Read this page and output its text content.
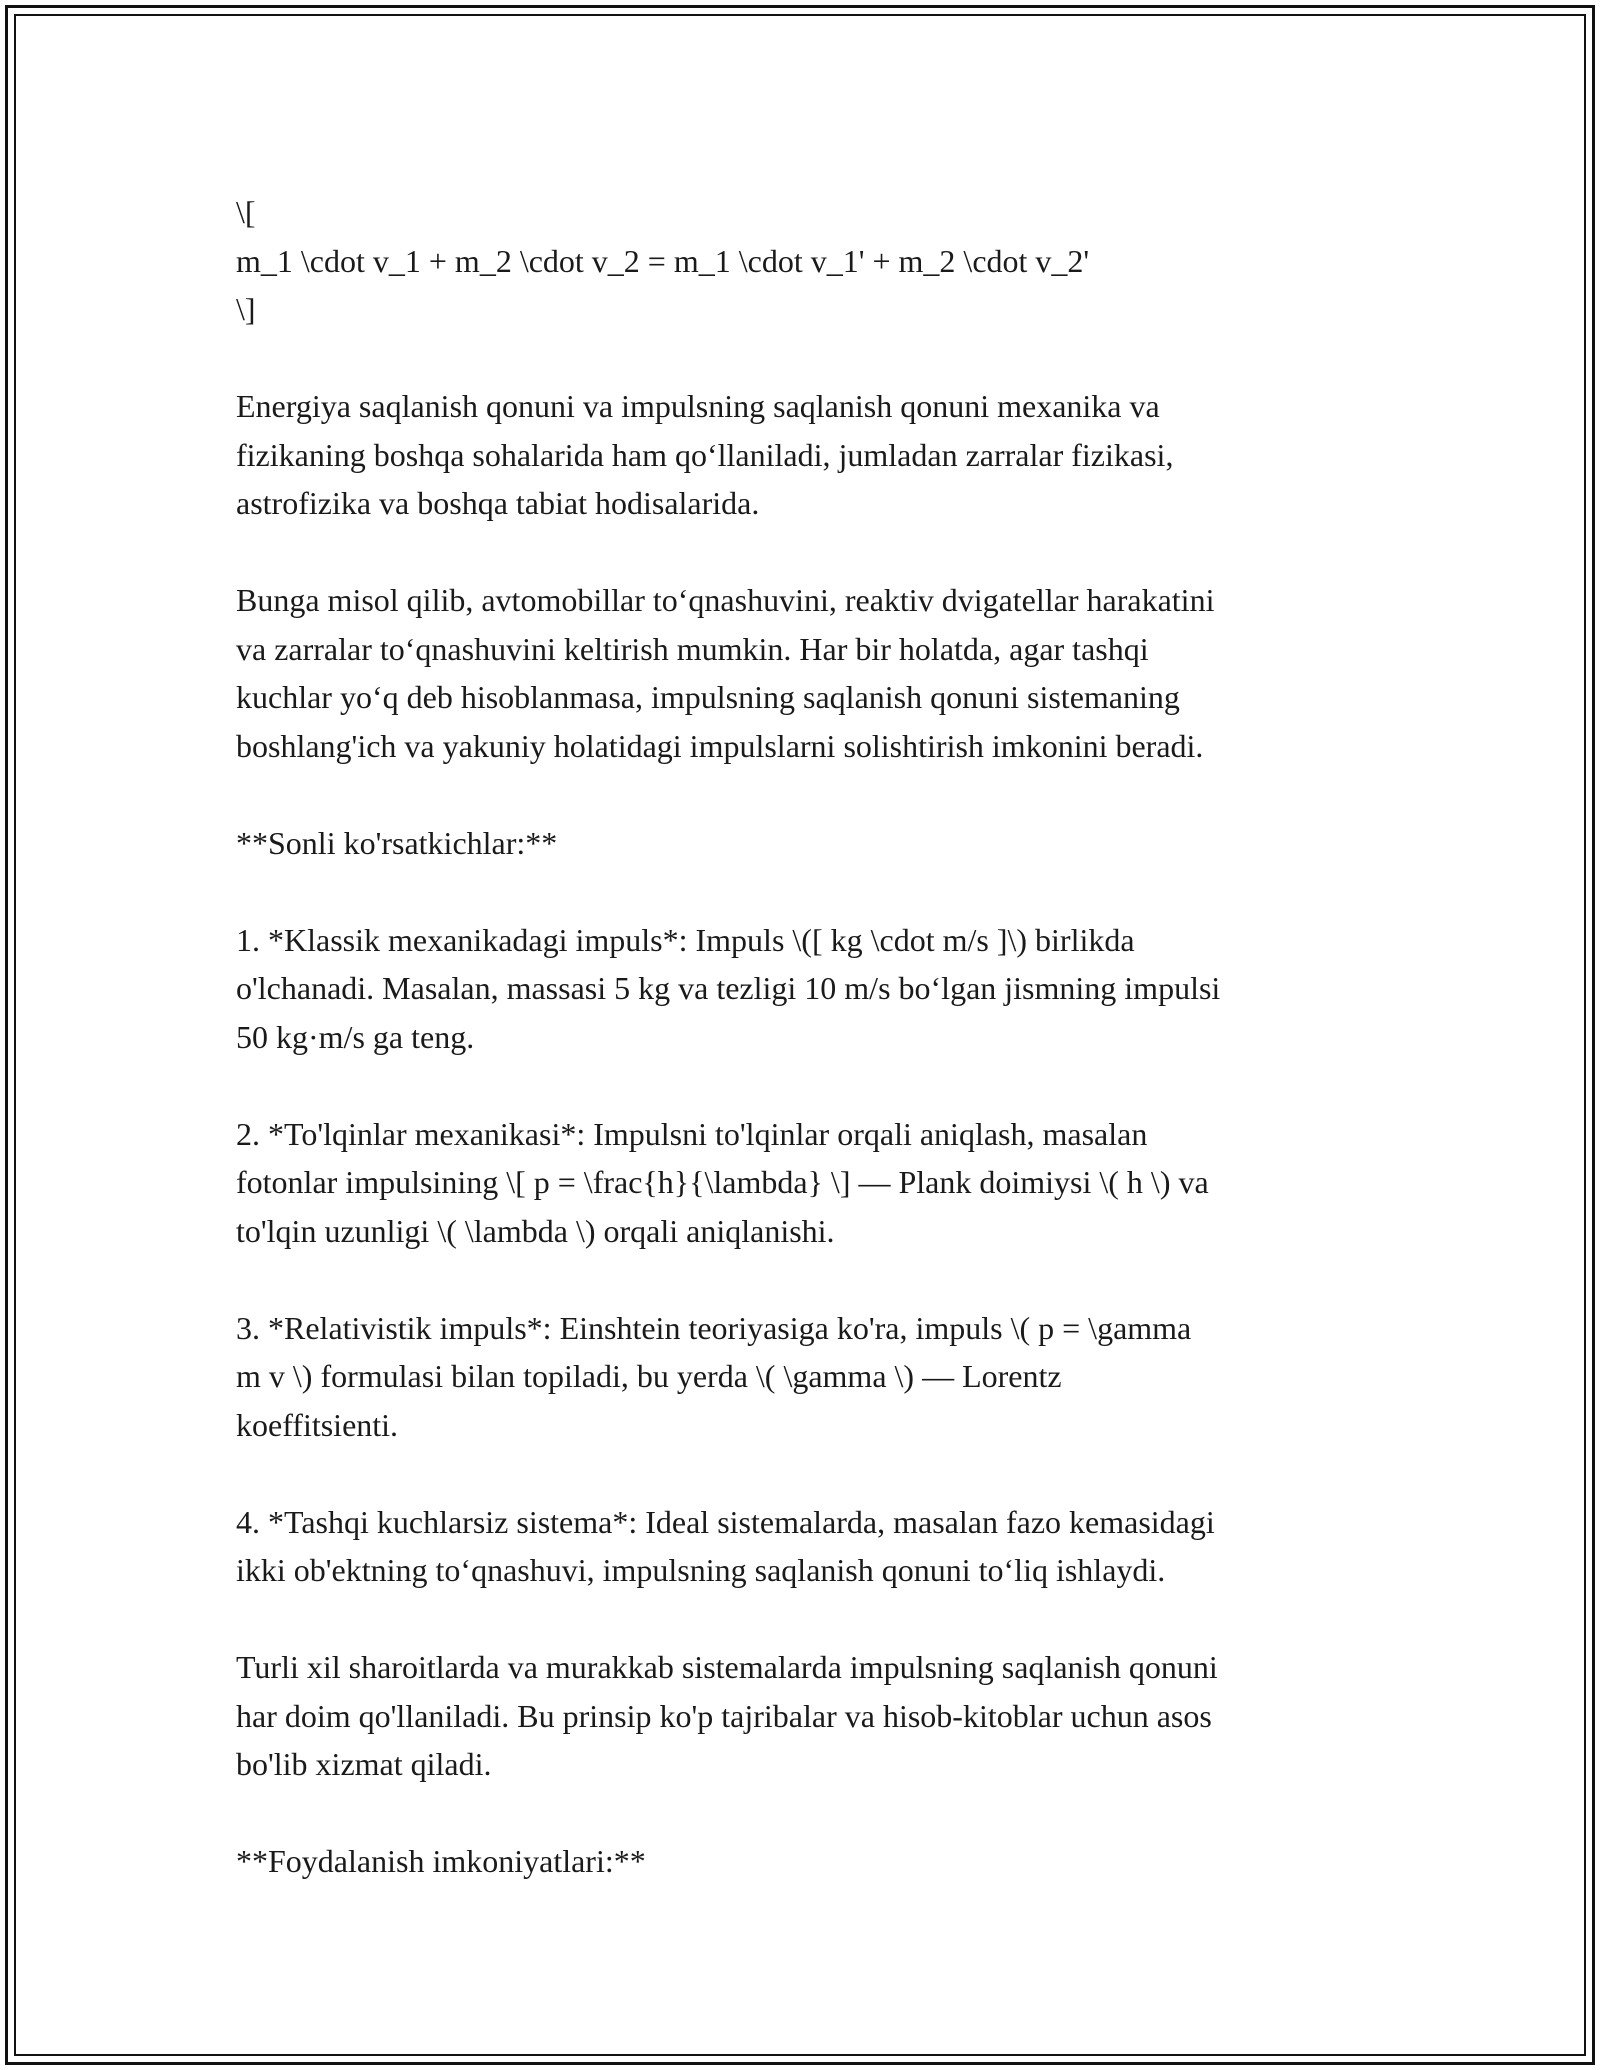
\[
m_1 \cdot v_1 + m_2 \cdot v_2 = m_1 \cdot v_1' + m_2 \cdot v_2'
\]
Energiya saqlanish qonuni va impulsning saqlanish qonuni mexanika va
fizikaning boshqa sohalarida ham qo‘llaniladi, jumladan zarralar fizikasi,
astrofizika va boshqa tabiat hodisalarida.
Bunga misol qilib, avtomobillar to‘qnashuvini, reaktiv dvigatellar harakatini
va zarralar to‘qnashuvini keltirish mumkin. Har bir holatda, agar tashqi
kuchlar yo‘q deb hisoblanmasa, impulsning saqlanish qonuni sistemaning
boshlang'ich va yakuniy holatidagi impulslarni solishtirish imkonini beradi.
**Sonli ko'rsatkichlar:**
1. *Klassik mexanikadagi impuls*: Impuls \([ kg \cdot m/s ]\) birlikda
o'lchanadi. Masalan, massasi 5 kg va tezligi 10 m/s bo‘lgan jismning impulsi
50 kg·m/s ga teng.
2. *To'lqinlar mexanikasi*: Impulsni to'lqinlar orqali aniqlash, masalan
fotonlar impulsining \[ p = \frac{h}{\lambda} \] — Plank doimiysi \( h \) va
to'lqin uzunligi \( \lambda \) orqali aniqlanishi.
3. *Relativistik impuls*: Einshtein teoriyasiga ko'ra, impuls \( p = \gamma
m v \) formulasi bilan topiladi, bu yerda \( \gamma \) — Lorentz
koeffitsienti.
4. *Tashqi kuchlarsiz sistema*: Ideal sistemalarda, masalan fazo kemasidagi
ikki ob'ektning to‘qnashuvi, impulsning saqlanish qonuni to‘liq ishlaydi.
Turli xil sharoitlarda va murakkab sistemalarda impulsning saqlanish qonuni
har doim qo'llaniladi. Bu prinsip ko'p tajribalar va hisob-kitoblar uchun asos
bo'lib xizmat qiladi.
**Foydalanish imkoniyatlari:**
